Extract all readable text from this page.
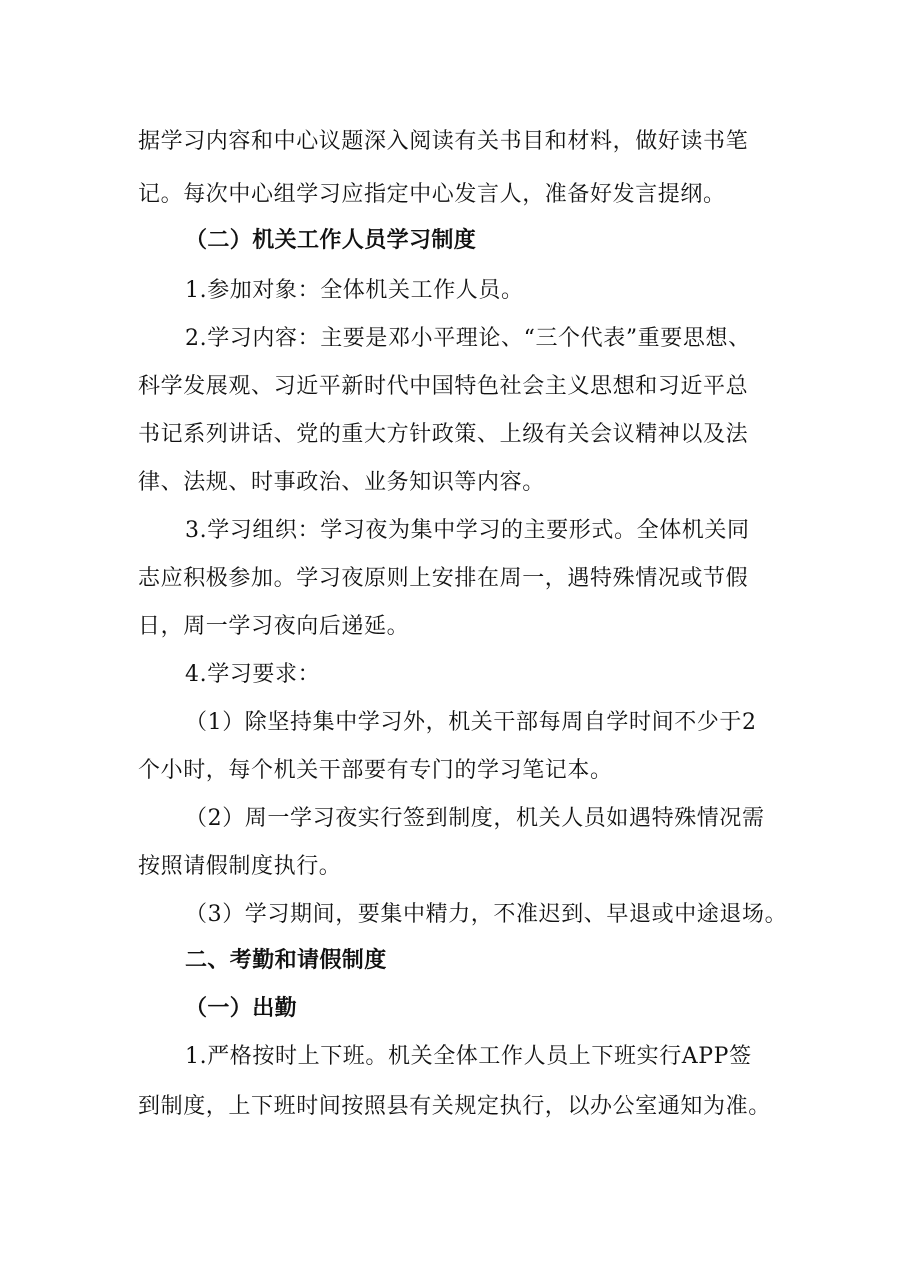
据学习内容和中心议题深入阅读有关书目和材料，做好读书笔
记。每次中心组学习应指定中心发言人，准备好发言提纲。
（二）机关工作人员学习制度
1.参加对象：全体机关工作人员。
2.学习内容：主要是邓小平理论、“三个代表”重要思想、
科学发展观、习近平新时代中国特色社会主义思想和习近平总
书记系列讲话、党的重大方针政策、上级有关会议精神以及法
律、法规、时事政治、业务知识等内容。
3.学习组织：学习夜为集中学习的主要形式。全体机关同
志应积极参加。学习夜原则上安排在周一，遇特殊情况或节假
日，周一学习夜向后递延。
4.学习要求：
（1）除坚持集中学习外，机关干部每周自学时间不少于2
个小时，每个机关干部要有专门的学习笔记本。
（2）周一学习夜实行签到制度，机关人员如遇特殊情况需
按照请假制度执行。
（3）学习期间，要集中精力，不准迟到、早退或中途退场。
二、考勤和请假制度
（一）出勤
1.严格按时上下班。机关全体工作人员上下班实行APP签
到制度，上下班时间按照县有关规定执行，以办公室通知为准。
